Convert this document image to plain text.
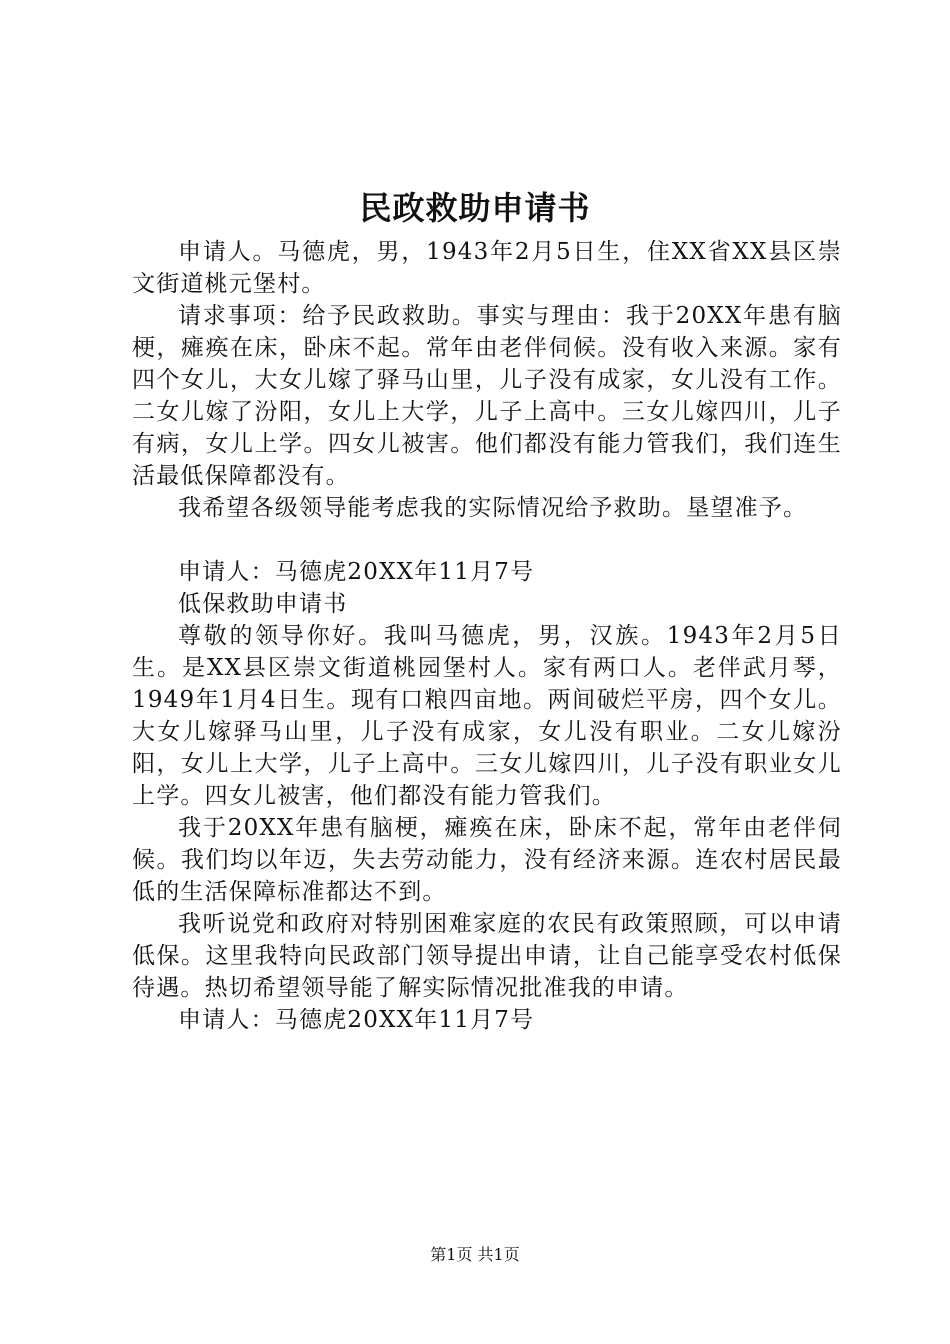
民政救助申请书

申请人。马德虎，男，1943年2月5日生，住XX省XX县区崇文街道桃元堡村。

请求事项：给予民政救助。事实与理由：我于20XX年患有脑梗，瘫痪在床，卧床不起。常年由老伴伺候。没有收入来源。家有四个女儿，大女儿嫁了驿马山里，儿子没有成家，女儿没有工作。二女儿嫁了汾阳，女儿上大学，儿子上高中。三女儿嫁四川，儿子有病，女儿上学。四女儿被害。他们都没有能力管我们，我们连生活最低保障都没有。

我希望各级领导能考虑我的实际情况给予救助。垦望准予。

申请人：马德虎20XX年11月7号

低保救助申请书

尊敬的领导你好。我叫马德虎，男，汉族。1943年2月5日生。是XX县区崇文街道桃园堡村人。家有两口人。老伴武月琴，1949年1月4日生。现有口粮四亩地。两间破烂平房，四个女儿。大女儿嫁驿马山里，儿子没有成家，女儿没有职业。二女儿嫁汾阳，女儿上大学，儿子上高中。三女儿嫁四川，儿子没有职业女儿上学。四女儿被害，他们都没有能力管我们。

我于20XX年患有脑梗，瘫痪在床，卧床不起，常年由老伴伺候。我们均以年迈，失去劳动能力，没有经济来源。连农村居民最低的生活保障标准都达不到。

我听说党和政府对特别困难家庭的农民有政策照顾，可以申请低保。这里我特向民政部门领导提出申请，让自己能享受农村低保待遇。热切希望领导能了解实际情况批准我的申请。

申请人：马德虎20XX年11月7号

第1页 共1页
